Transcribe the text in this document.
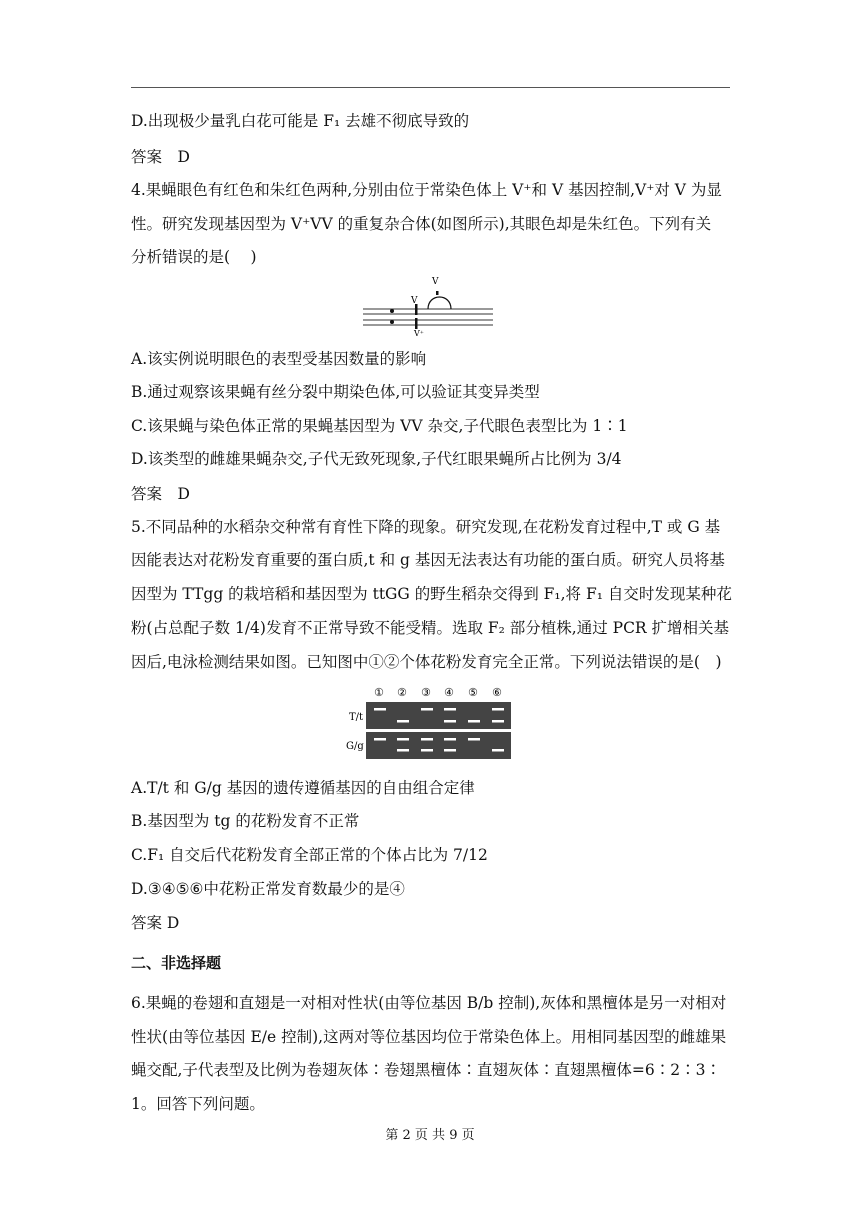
D.出现极少量乳白花可能是 F₁ 去雄不彻底导致的
答案　D
4.果蝇眼色有红色和朱红色两种,分别由位于常染色体上 V⁺和 V 基因控制,V⁺对 V 为显
性。研究发现基因型为 V⁺VV 的重复杂合体(如图所示),其眼色却是朱红色。下列有关
分析错误的是(　 )
V
V
V⁺
A.该实例说明眼色的表型受基因数量的影响
B.通过观察该果蝇有丝分裂中期染色体,可以验证其变异类型
C.该果蝇与染色体正常的果蝇基因型为 VV 杂交,子代眼色表型比为 1∶1
D.该类型的雌雄果蝇杂交,子代无致死现象,子代红眼果蝇所占比例为 3/4
答案　D
5.不同品种的水稻杂交种常有育性下降的现象。研究发现,在花粉发育过程中,T 或 G 基
因能表达对花粉发育重要的蛋白质,t 和 g 基因无法表达有功能的蛋白质。研究人员将基
因型为 TTgg 的栽培稻和基因型为 ttGG 的野生稻杂交得到 F₁,将 F₁ 自交时发现某种花
粉(占总配子数 1/4)发育不正常导致不能受精。选取 F₂ 部分植株,通过 PCR 扩增相关基
因后,电泳检测结果如图。已知图中①②个体花粉发育完全正常。下列说法错误的是(　)
① ② ③ ④ ⑤ ⑥
T/t
G/g
A.T/t 和 G/g 基因的遗传遵循基因的自由组合定律
B.基因型为 tg 的花粉发育不正常
C.F₁ 自交后代花粉发育全部正常的个体占比为 7/12
D.③④⑤⑥中花粉正常发育数最少的是④
答案 D
二、非选择题
6.果蝇的卷翅和直翅是一对相对性状(由等位基因 B/b 控制),灰体和黑檀体是另一对相对
性状(由等位基因 E/e 控制),这两对等位基因均位于常染色体上。用相同基因型的雌雄果
蝇交配,子代表型及比例为卷翅灰体∶卷翅黑檀体∶直翅灰体∶直翅黑檀体=6∶2∶3∶
1。回答下列问题。
第 2 页 共 9 页
